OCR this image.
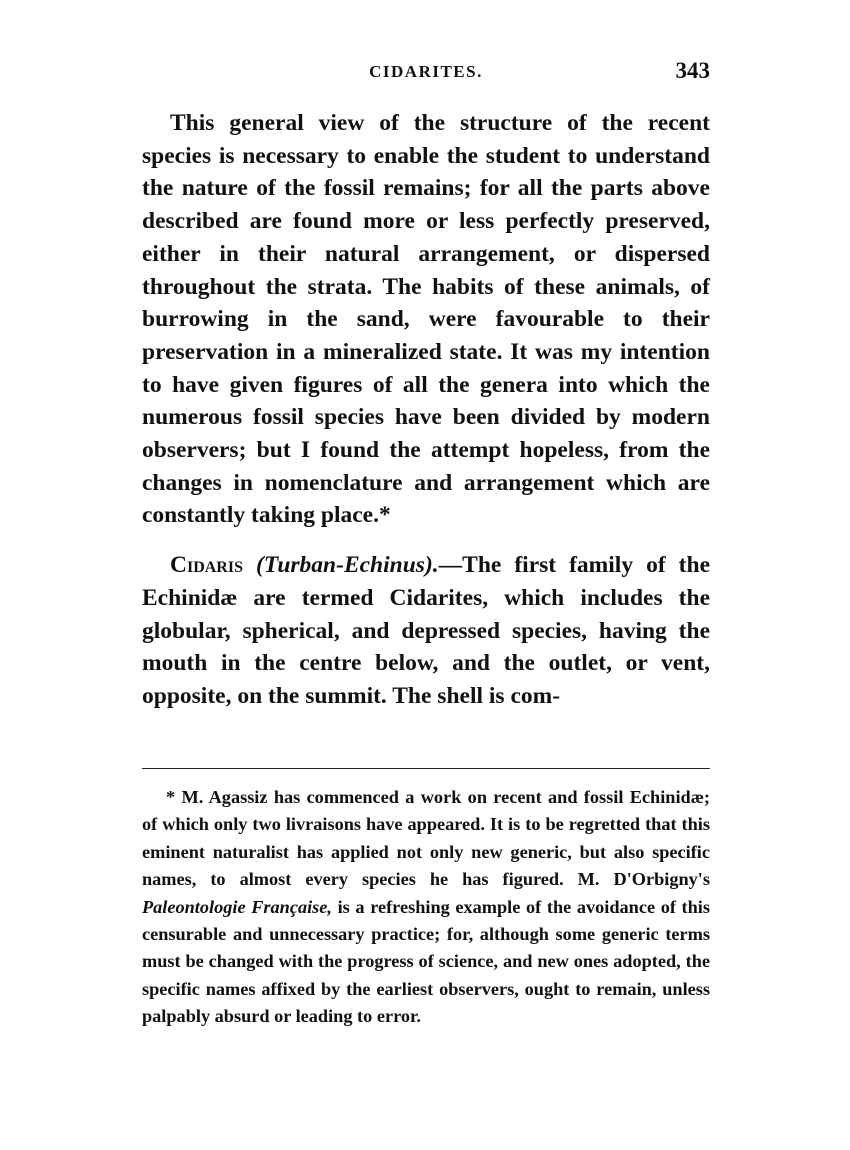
CIDARITES.	343

This general view of the structure of the recent species is necessary to enable the student to understand the nature of the fossil remains; for all the parts above described are found more or less perfectly preserved, either in their natural arrangement, or dispersed throughout the strata. The habits of these animals, of burrowing in the sand, were favourable to their preservation in a mineralized state. It was my intention to have given figures of all the genera into which the numerous fossil species have been divided by modern observers; but I found the attempt hopeless, from the changes in nomenclature and arrangement which are constantly taking place.*

Cidaris (Turban-Echinus).—The first family of the Echinidæ are termed Cidarites, which includes the globular, spherical, and depressed species, having the mouth in the centre below, and the outlet, or vent, opposite, on the summit. The shell is com-

* M. Agassiz has commenced a work on recent and fossil Echinidæ; of which only two livraisons have appeared. It is to be regretted that this eminent naturalist has applied not only new generic, but also specific names, to almost every species he has figured. M. D'Orbigny's Paleontologie Française, is a refreshing example of the avoidance of this censurable and unnecessary practice; for, although some generic terms must be changed with the progress of science, and new ones adopted, the specific names affixed by the earliest observers, ought to remain, unless palpably absurd or leading to error.
